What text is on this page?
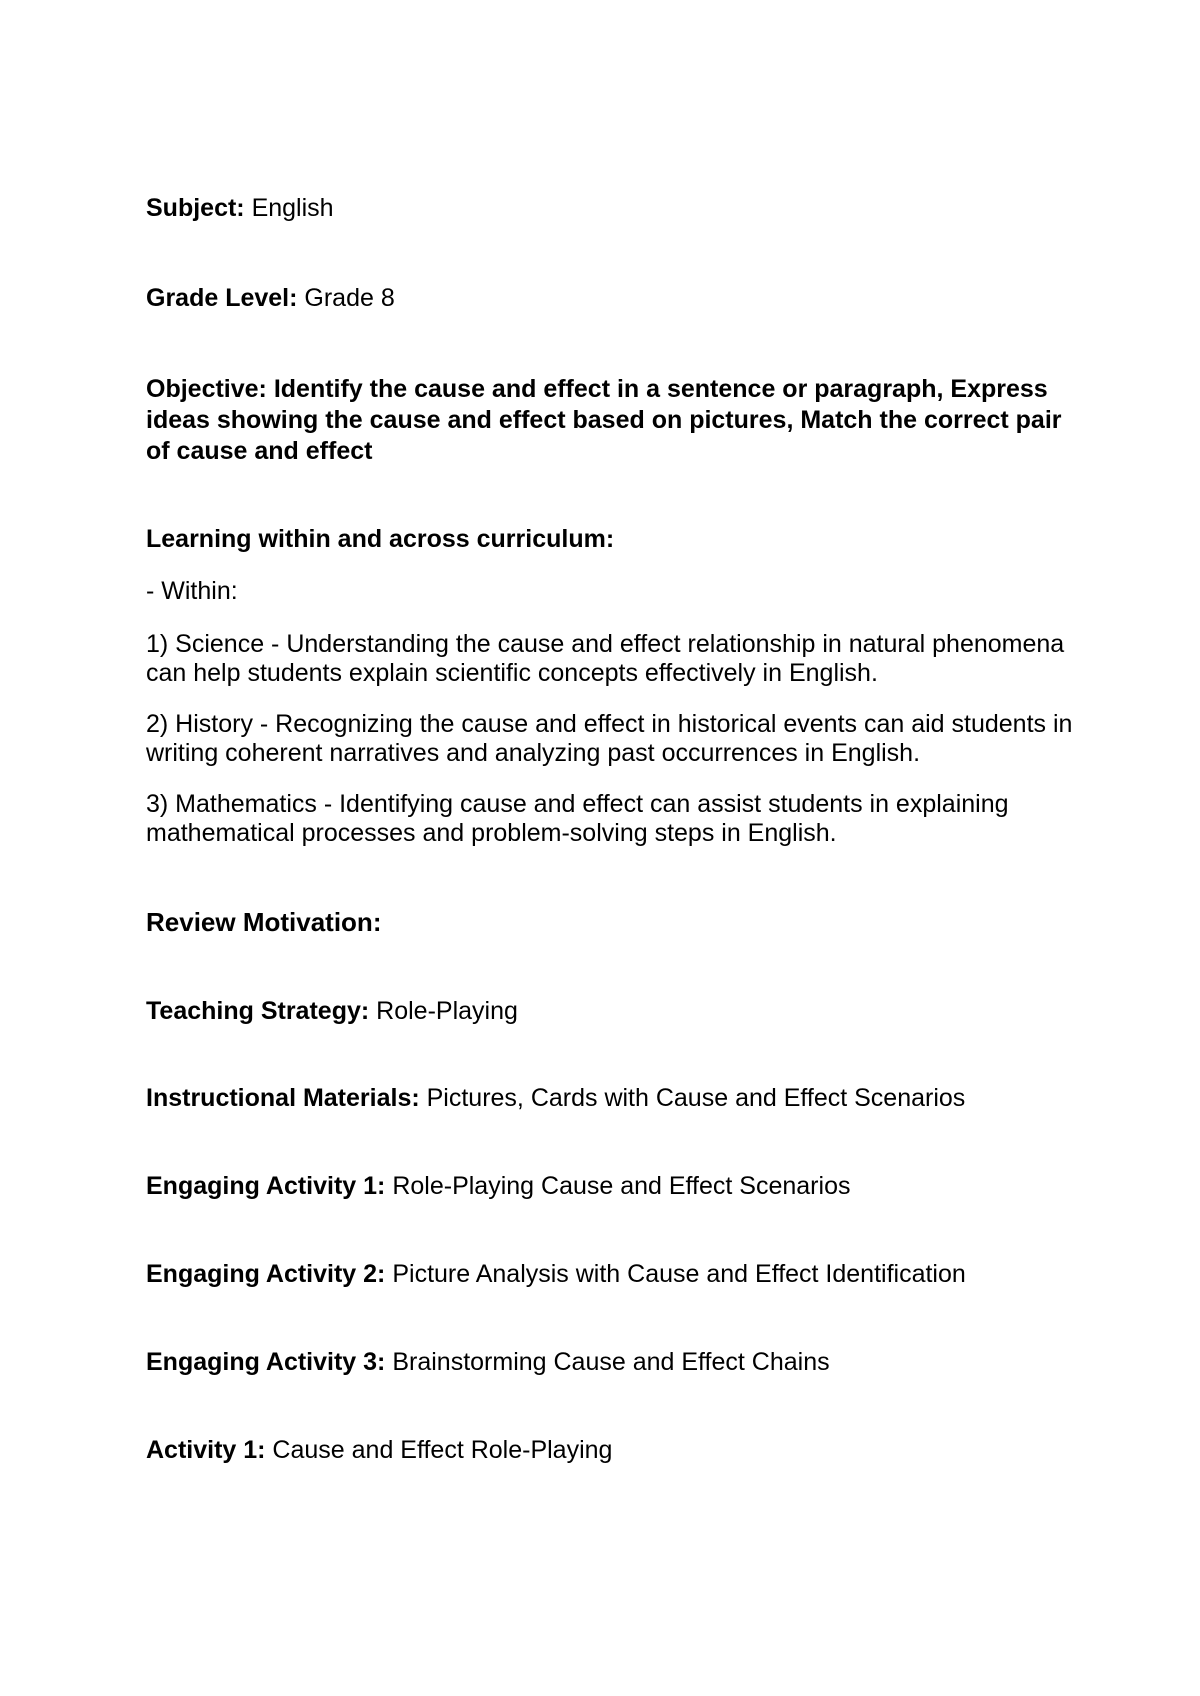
Subject: English
Grade Level: Grade 8
Objective: Identify the cause and effect in a sentence or paragraph, Express ideas showing the cause and effect based on pictures, Match the correct pair of cause and effect
Learning within and across curriculum:
- Within:
1) Science - Understanding the cause and effect relationship in natural phenomena can help students explain scientific concepts effectively in English.
2) History - Recognizing the cause and effect in historical events can aid students in writing coherent narratives and analyzing past occurrences in English.
3) Mathematics - Identifying cause and effect can assist students in explaining mathematical processes and problem-solving steps in English.
Review Motivation:
Teaching Strategy: Role-Playing
Instructional Materials: Pictures, Cards with Cause and Effect Scenarios
Engaging Activity 1: Role-Playing Cause and Effect Scenarios
Engaging Activity 2: Picture Analysis with Cause and Effect Identification
Engaging Activity 3: Brainstorming Cause and Effect Chains
Activity 1: Cause and Effect Role-Playing
